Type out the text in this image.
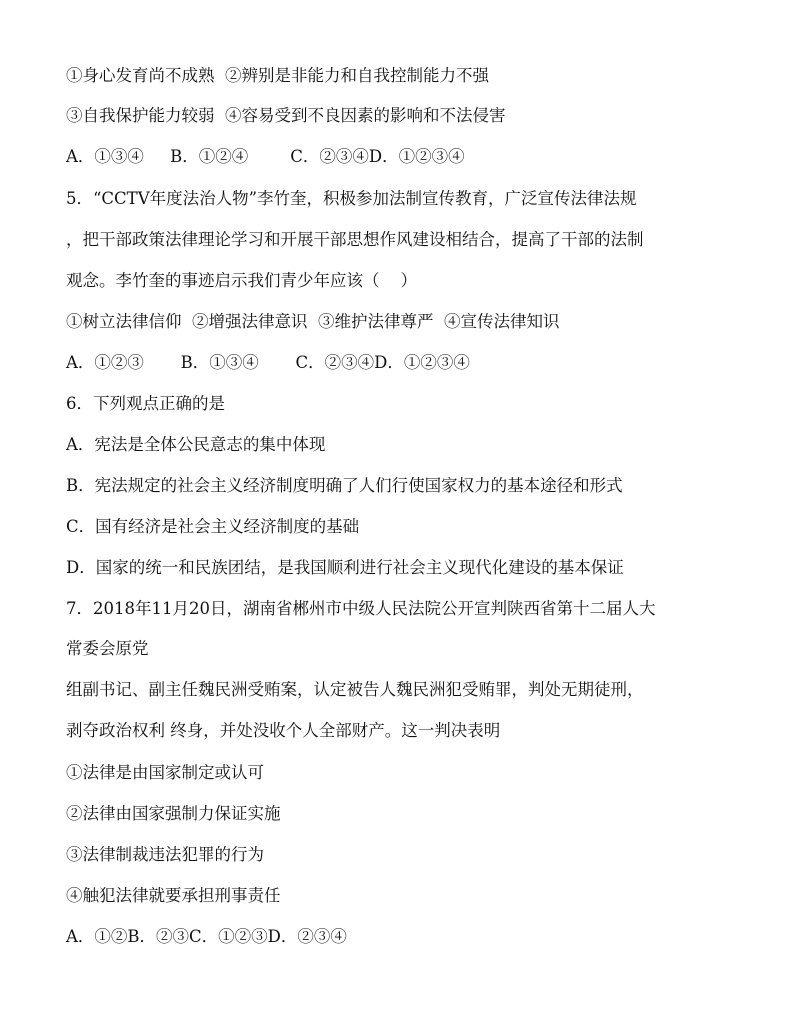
①身心发育尚不成熟  ②辨别是非能力和自我控制能力不强
③自我保护能力较弱  ④容易受到不良因素的影响和不法侵害
A．①③④     B．①②④        C．②③④D．①②③④
5．“CCTV年度法治人物”李竹奎，积极参加法制宣传教育，广泛宣传法律法规
，把干部政策法律理论学习和开展干部思想作风建设相结合，提高了干部的法制
观念。李竹奎的事迹启示我们青少年应该（    ）
①树立法律信仰  ②增强法律意识  ③维护法律尊严  ④宣传法律知识
A．①②③       B．①③④       C．②③④D．①②③④
6．下列观点正确的是
A．宪法是全体公民意志的集中体现
B．宪法规定的社会主义经济制度明确了人们行使国家权力的基本途径和形式
C．国有经济是社会主义经济制度的基础
D．国家的统一和民族团结，是我国顺利进行社会主义现代化建设的基本保证
7．2018年11月20日，湖南省郴州市中级人民法院公开宣判陕西省第十二届人大
常委会原党
组副书记、副主任魏民洲受贿案，认定被告人魏民洲犯受贿罪，判处无期徒刑，
剥夺政治权利 终身，并处没收个人全部财产。这一判决表明
①法律是由国家制定或认可
②法律由国家强制力保证实施
③法律制裁违法犯罪的行为
④触犯法律就要承担刑事责任
A．①②B．②③C．①②③D．②③④
